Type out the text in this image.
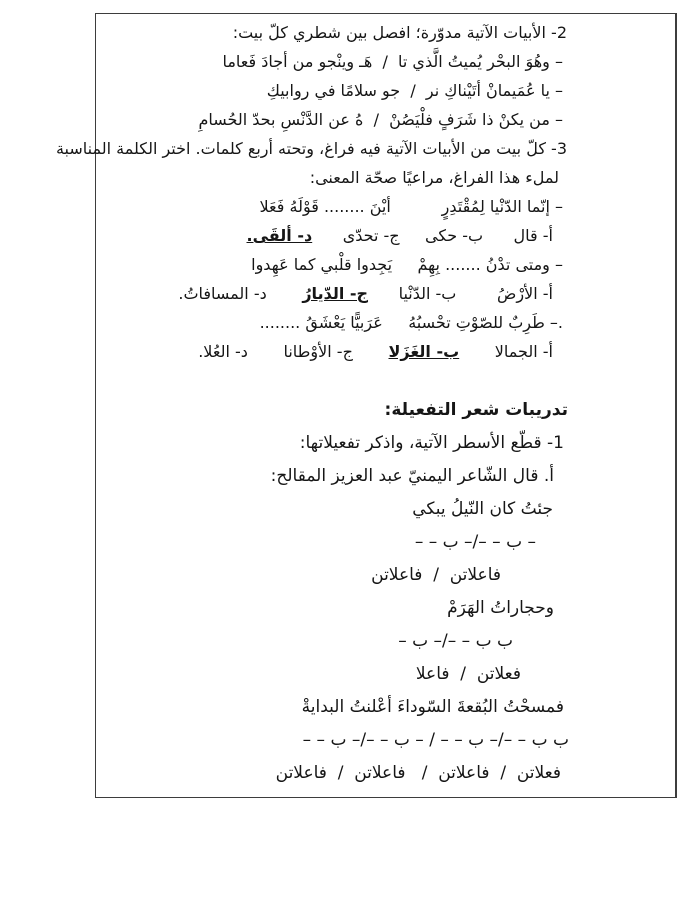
2- الأبيات الآتية مدوّرة؛ افصل بين شطري كلّ بيت:
– وهُوَ البحْر يُميتُ الَّذي تا  /  هَـ وينْجو من أجادَ فَعاما
– يا عُمَيمانْ أتَيْناكِ نر  /  جو سلامًا في روابيكِ
– من يكنْ ذا شَرَفٍ فلْيَصُنْ  /  هُ عن الدَّنْسِ بحدّ الحُسامِ
3- كلّ بيت من الأبيات الآتية فيه فراغ، وتحته أربع كلمات. اختر الكلمة المناسبة
لملء هذا الفراغ، مراعيًا صحّة المعنى:
– إنّما الدّنْيا لِمُقْتَدِرٍ          أيْنَ ........ قَوْلَهُ فَعَلا
أ- قال      ب- حكى     ج- تحدّى      د- ألقَى.
– ومتى تدْنُ ....... بِهِمْ     يَجِدوا قلْبي كما عَهِدوا
أ- الأرْضُ        ب- الدّنْيا      ج- الدّيارُ       د- المسافاتُ.
.– طَرِبٌ للصّوْتِ تحْسبُهُ     عَرَبيًّا يَعْشَقُ ........
أ- الجمالا       ب- الغَزَلا       ج- الأوْطانا       د- العُلا.
تدريبات شعر التفعيلة:
1- قطّع الأسطر الآتية، واذكر تفعيلاتها:
أ. قال الشّاعر اليمنيّ عبد العزيز المقالح:
جئتُ كان النّيلُ يبكي
– ب – –/– ب – –
فاعلاتن  /  فاعلاتن
وحجاراتُ الهَرَمْ
ب ب – –/– ب –
فعلاتن  /  فاعلا
فمسحْتُ البُقعةَ السّوداءَ أعْلنتُ البدايةْ
ب ب – –/– ب – – / – ب – –/– ب – –
فعلاتن  /  فاعلاتن  /   فاعلاتن  /  فاعلاتن
